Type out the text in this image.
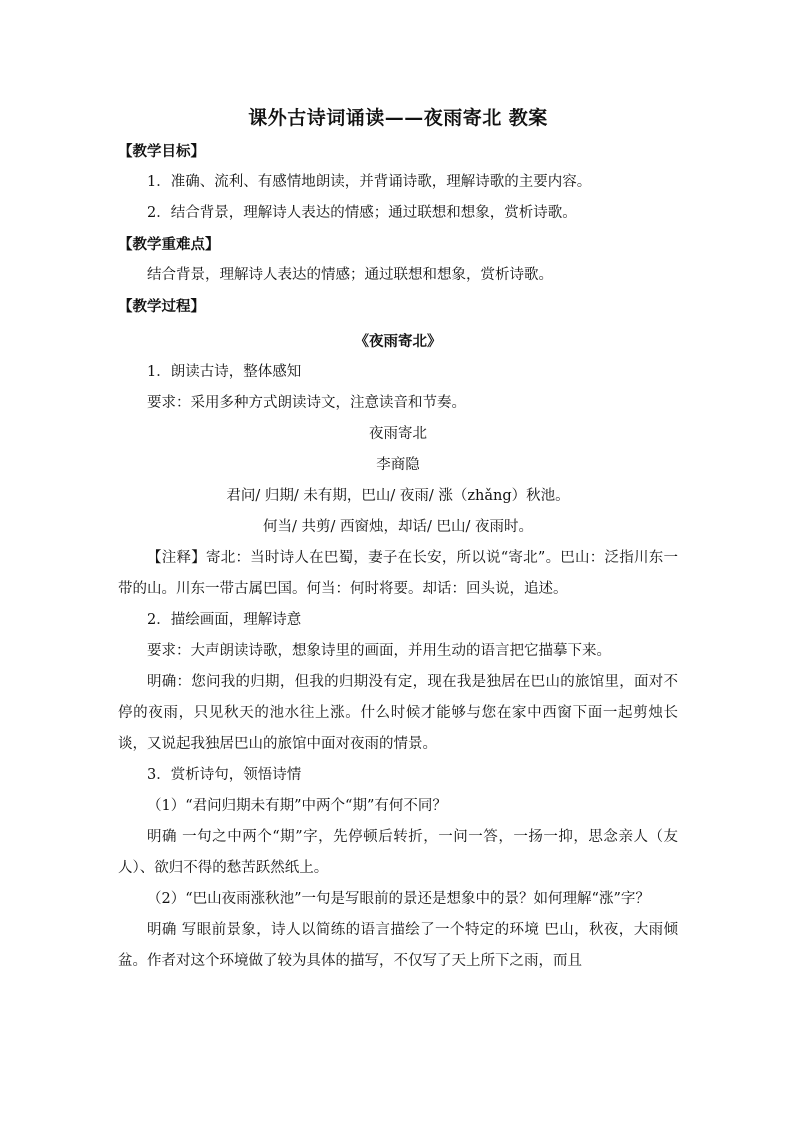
课外古诗词诵读——夜雨寄北 教案
【教学目标】

1．准确、流利、有感情地朗读，并背诵诗歌，理解诗歌的主要内容。

2．结合背景，理解诗人表达的情感；通过联想和想象，赏析诗歌。

【教学重难点】

结合背景，理解诗人表达的情感；通过联想和想象，赏析诗歌。

【教学过程】
《夜雨寄北》

1．朗读古诗，整体感知

要求：采用多种方式朗读诗文，注意读音和节奏。

夜雨寄北
李商隐
君问/ 归期/ 未有期，巴山/ 夜雨/ 涨（zhǎng）秋池。
何当/ 共剪/ 西窗烛，却话/ 巴山/ 夜雨时。

【注释】寄北：当时诗人在巴蜀，妻子在长安，所以说“寄北”。巴山：泛指川东一带的山。川东一带古属巴国。何当：何时将要。却话：回头说，追述。

2．描绘画面，理解诗意

要求：大声朗读诗歌，想象诗里的画面，并用生动的语言把它描摹下来。

明确：您问我的归期，但我的归期没有定，现在我是独居在巴山的旅馆里，面对不停的夜雨，只见秋天的池水往上涨。什么时候才能够与您在家中西窗下面一起剪烛长谈，又说起我独居巴山的旅馆中面对夜雨的情景。

3．赏析诗句，领悟诗情

（1）“君问归期未有期”中两个“期”有何不同？

明确 一句之中两个“期”字，先停顿后转折，一问一答，一扬一抑，思念亲人（友人）、欲归不得的愁苦跃然纸上。

（2）“巴山夜雨涨秋池”一句是写眼前的景还是想象中的景？如何理解“涨”字？

明确 写眼前景象，诗人以简练的语言描绘了一个特定的环境 巴山，秋夜，大雨倾盆。作者对这个环境做了较为具体的描写，不仅写了天上所下之雨，而且
